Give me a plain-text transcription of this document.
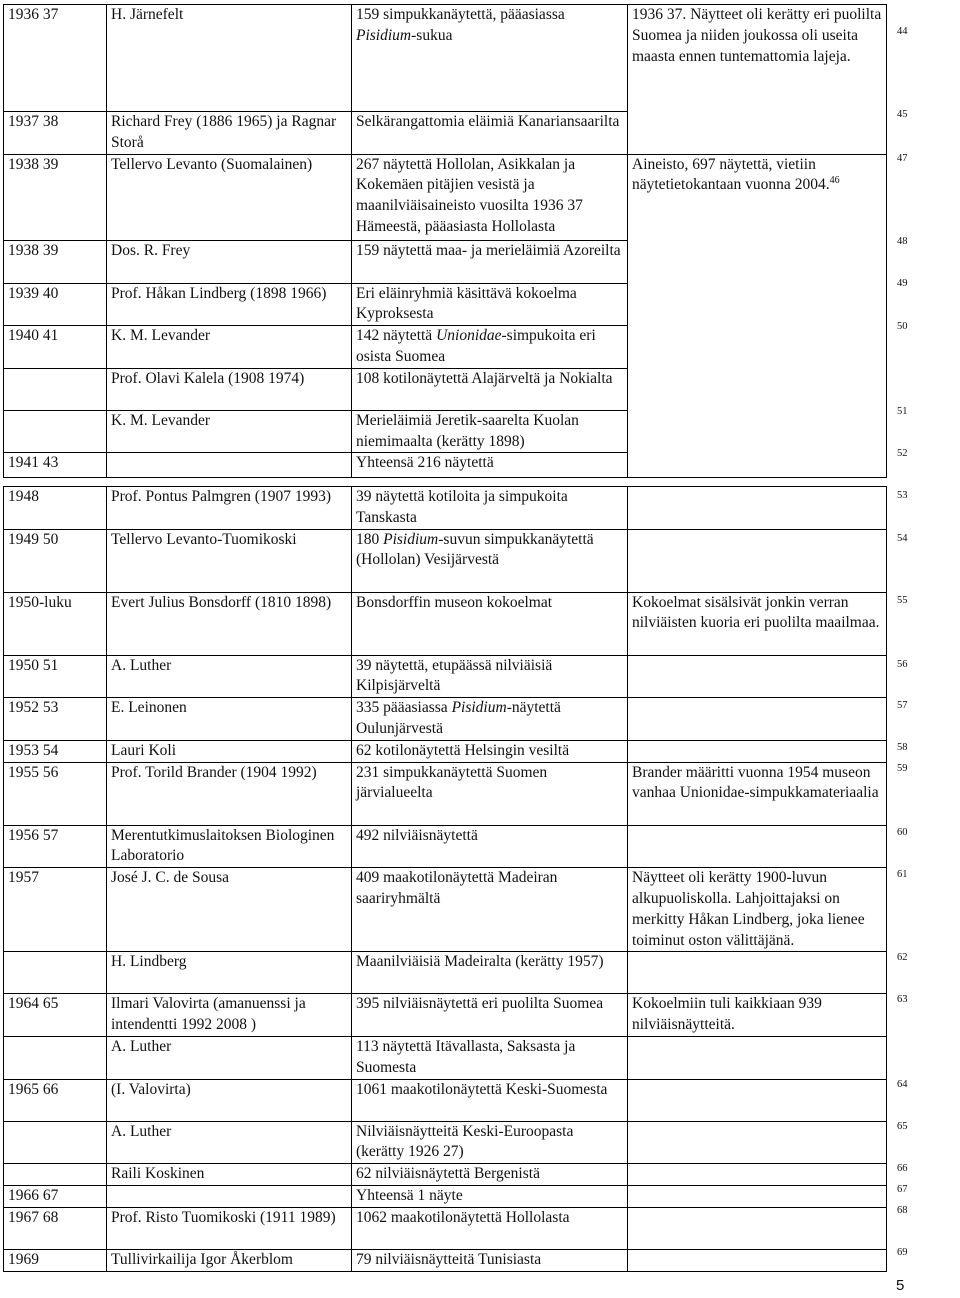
1936 37	H. Järnefelt	159 simpukkanäytettä, pääasiassa
Pisidium-sukua	1936 37. Näytteet oli kerätty eri puolilta Suomea ja niiden joukossa oli useita maasta ennen tuntemattomia lajeja.
1937 38	Richard Frey (1886 1965) ja Ragnar Storå	Selkärangattomia eläimiä Kanariansaarilta	
1938 39	Tellervo Levanto (Suomalainen)	267 näytettä Hollolan, Asikkalan ja Kokemäen pitäjien vesistä ja maanilviäisaineisto vuosilta 1936 37 Hämeestä, pääasiasta Hollolasta	Aineisto, 697 näytettä, vietiin näytetietokantaan vuonna 2004.46
1938 39	Dos. R. Frey	159 näytettä maa- ja merieläimiä Azoreilta	
1939 40	Prof. Håkan Lindberg (1898 1966)	Eri eläinryhmiä käsittävä kokoelma Kyproksesta	
1940 41	K. M. Levander	142 näytettä Unionidae-simpukoita eri osista Suomea	
	Prof. Olavi Kalela (1908 1974)	108 kotilonäytettä Alajärveltä ja Nokialta	
	K. M. Levander	Merieläimiä Jeretik-saarelta Kuolan niemimaalta (kerätty 1898)	
1941 43		Yhteensä 216 näytettä	
1948	Prof. Pontus Palmgren (1907 1993)	39 näytettä kotiloita ja simpukoita Tanskasta	
1949 50	Tellervo Levanto-Tuomikoski	180 Pisidium-suvun simpukkanäytettä (Hollolan) Vesijärvestä	
1950-luku	Evert Julius Bonsdorff (1810 1898)	Bonsdorffin museon kokoelmat	Kokoelmat sisälsivät jonkin verran nilviäisten kuoria eri puolilta maailmaa.
1950 51	A. Luther	39 näytettä, etupäässä nilviäisiä Kilpisjärveltä	
1952 53	E. Leinonen	335 pääasiassa Pisidium-näytettä Oulunjärvestä	
1953 54	Lauri Koli	62 kotilonäytettä Helsingin vesiltä	
1955 56	Prof. Torild Brander (1904 1992)	231 simpukkanäytettä Suomen järvialueelta	Brander määritti vuonna 1954 museon vanhaa Unionidae-simpukkamateriaalia
1956 57	Merentutkimuslaitoksen Biologinen Laboratorio	492 nilviäisnäytettä	
1957	José J. C. de Sousa	409 maakotilonäytettä Madeiran saariryhmältä	Näytteet oli kerätty 1900-luvun alkupuoliskolla. Lahjoittajaksi on merkitty Håkan Lindberg, joka lienee toiminut oston välittäjänä.
	H. Lindberg	Maanilviäisiä Madeiralta (kerätty 1957)	
1964 65	Ilmari Valovirta (amanuenssi ja intendentti 1992 2008 )	395 nilviäisnäytettä eri puolilta Suomea	Kokoelmiin tuli kaikkiaan 939 nilviäisnäytteitä.
	A. Luther	113 näytettä Itävallasta, Saksasta ja Suomesta	
1965 66	(I. Valovirta)	1061 maakotilonäytettä Keski-Suomesta	
	A. Luther	Nilviäisnäytteitä Keski-Euroopasta (kerätty 1926 27)	
	Raili Koskinen	62 nilviäisnäytettä Bergenistä	
1966 67		Yhteensä 1 näyte	
1967 68	Prof. Risto Tuomikoski (1911 1989)	1062 maakotilonäytettä Hollolasta	
1969	Tullivirkailija Igor Åkerblom	79 nilviäisnäytteitä Tunisiasta	
44
45
47
48
49
50
51
52
53
54
55
56
57
58
59
60
61
62
63
64
65
66
67
68
69
5
